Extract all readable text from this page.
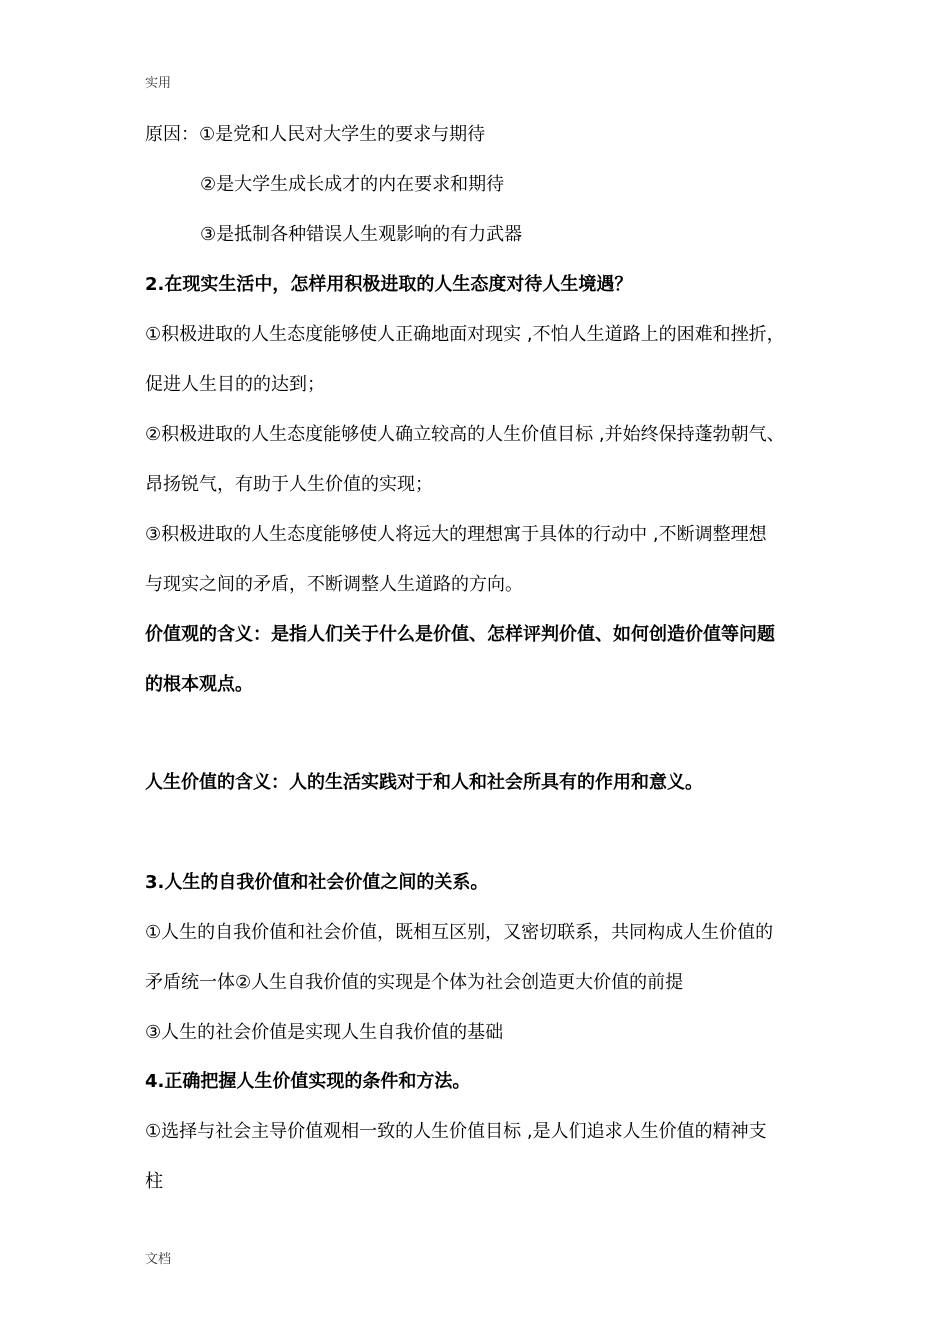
实用
原因：①是党和人民对大学生的要求与期待
②是大学生成长成才的内在要求和期待
③是抵制各种错误人生观影响的有力武器
2.在现实生活中，怎样用积极进取的人生态度对待人生境遇？
①积极进取的人生态度能够使人正确地面对现实 ,不怕人生道路上的困难和挫折，
促进人生目的的达到；
②积极进取的人生态度能够使人确立较高的人生价值目标 ,并始终保持蓬勃朝气、
昂扬锐气，有助于人生价值的实现；
③积极进取的人生态度能够使人将远大的理想寓于具体的行动中 ,不断调整理想
与现实之间的矛盾，不断调整人生道路的方向。
价值观的含义：是指人们关于什么是价值、怎样评判价值、如何创造价值等问题
的根本观点。
人生价值的含义：人的生活实践对于和人和社会所具有的作用和意义。
3.人生的自我价值和社会价值之间的关系。
①人生的自我价值和社会价值，既相互区别，又密切联系，共同构成人生价值的
矛盾统一体②人生自我价值的实现是个体为社会创造更大价值的前提
③人生的社会价值是实现人生自我价值的基础
4.正确把握人生价值实现的条件和方法。
①选择与社会主导价值观相一致的人生价值目标 ,是人们追求人生价值的精神支
柱
文档
